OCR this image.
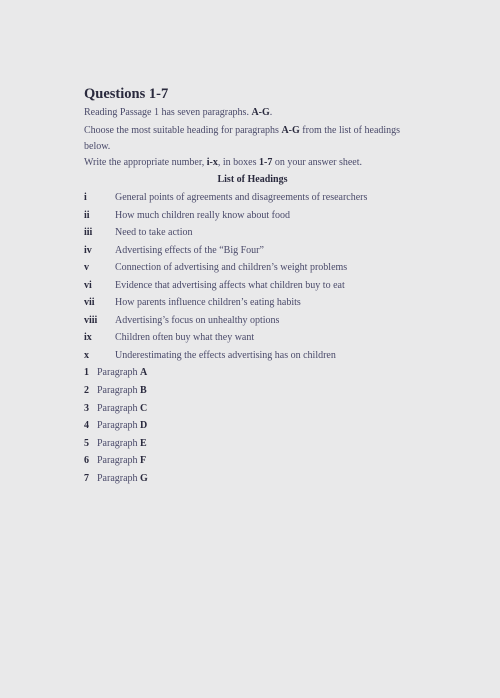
Questions 1-7
Reading Passage 1 has seven paragraphs. A-G.
Choose the most suitable heading for paragraphs A-G from the list of headings below.
Write the appropriate number, i-x, in boxes 1-7 on your answer sheet.
List of Headings
i	General points of agreements and disagreements of researchers
ii	How much children really know about food
iii Need to take action
iv Advertising effects of the “Big Four”
v	Connection of advertising and children’s weight problems
vi Evidence that advertising affects what children buy to eat
vii How parents influence children’s eating habits
viii Advertising’s focus on unhealthy options
ix Children often buy what they want
x	Underestimating the effects advertising has on children
1 Paragraph A
2 Paragraph B
3 Paragraph C
4 Paragraph D
5 Paragraph E
6 Paragraph F
7 Paragraph G
